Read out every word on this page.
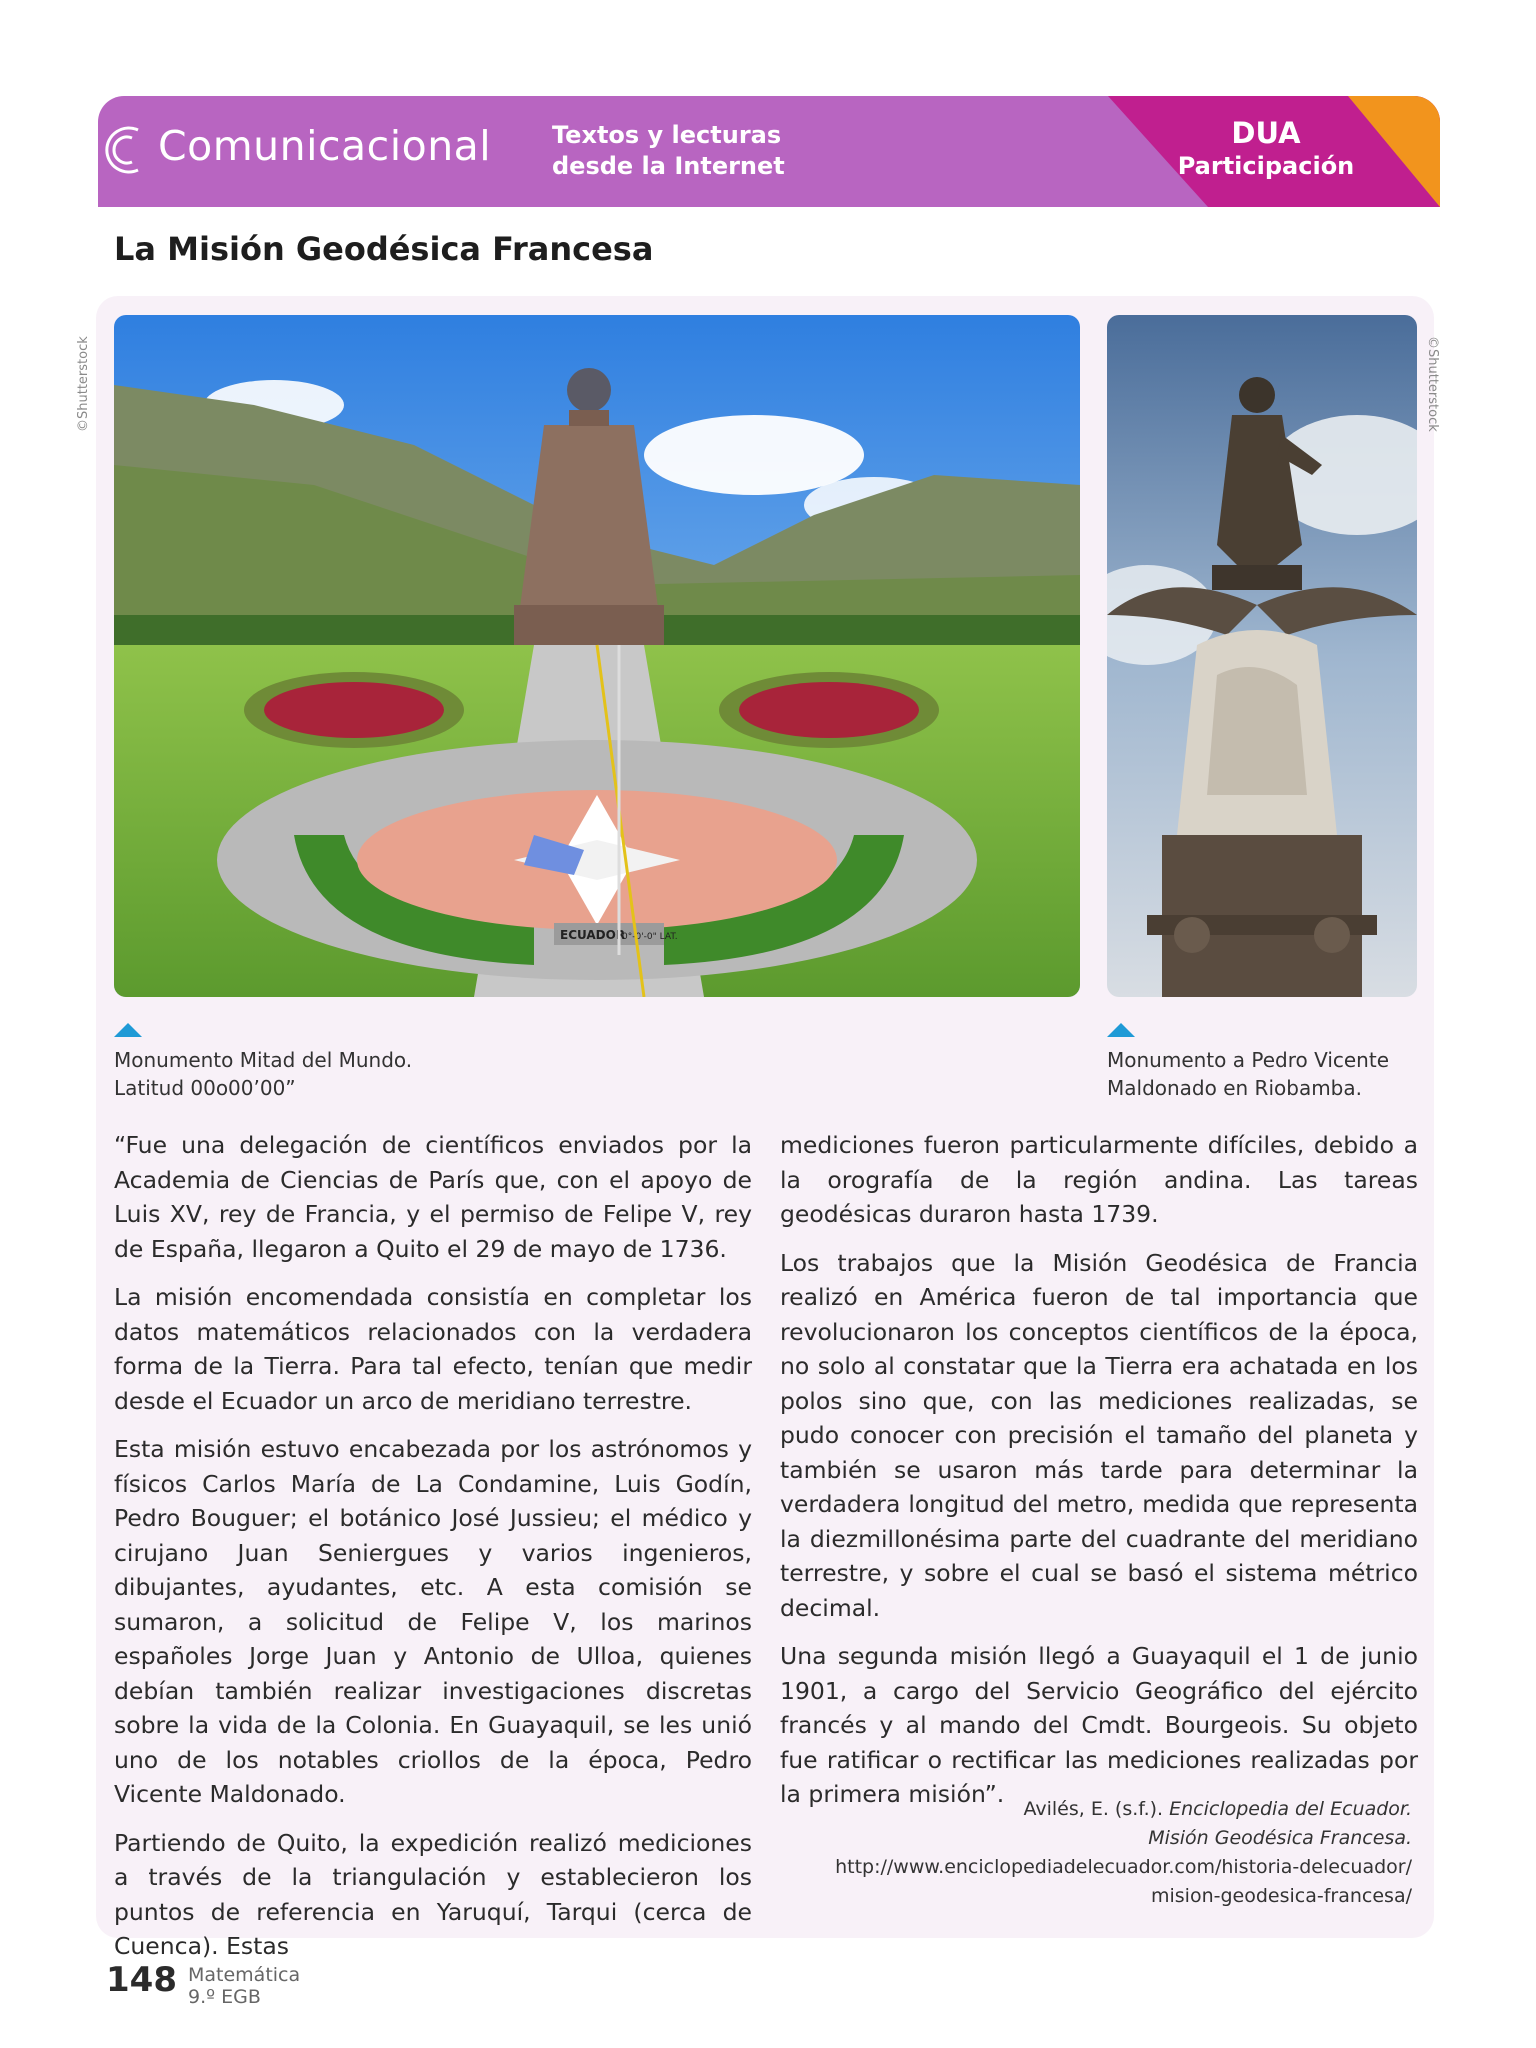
Comunicacional	Textos y lecturas
desde la Internet
DUA
Participación
La Misión Geodésica Francesa
©Shutterstock	©Shutterstock
ECUADOR
0°-0'-0" LAT.
Monumento Mitad del Mundo.
Latitud 00o00’00”
Monumento a Pedro Vicente
Maldonado en Riobamba.

“Fue una delegación de científicos enviados por la Academia de Ciencias de París que, con el apoyo de Luis XV, rey de Francia, y el permiso de Felipe V, rey de España, llegaron a Quito el 29 de mayo de 1736.

La misión encomendada consistía en completar los datos matemáticos relacionados con la verdadera forma de la Tierra. Para tal efecto, tenían que medir desde el Ecuador un arco de meridiano terrestre.

Esta misión estuvo encabezada por los astrónomos y físicos Carlos María de La Condamine, Luis Godín, Pedro Bouguer; el botánico José Jussieu; el médico y cirujano Juan Seniergues y varios ingenieros, dibujantes, ayudantes, etc. A esta comisión se sumaron, a solicitud de Felipe V, los marinos españoles Jorge Juan y Antonio de Ulloa, quienes debían también realizar investigaciones discretas sobre la vida de la Colonia. En Guayaquil, se les unió uno de los notables criollos de la época, Pedro Vicente Maldonado.

Partiendo de Quito, la expedición realizó mediciones a través de la triangulación y establecieron los puntos de referencia en Yaruquí, Tarqui (cerca de Cuenca). Estas

mediciones fueron particularmente difíciles, debido a la orografía de la región andina. Las tareas geodésicas duraron hasta 1739.

Los trabajos que la Misión Geodésica de Francia realizó en América fueron de tal importancia que revolucionaron los conceptos científicos de la época, no solo al constatar que la Tierra era achatada en los polos sino que, con las mediciones realizadas, se pudo conocer con precisión el tamaño del planeta y también se usaron más tarde para determinar la verdadera longitud del metro, medida que representa la diezmillonésima parte del cuadrante del meridiano terrestre, y sobre el cual se basó el sistema métrico decimal.

Una segunda misión llegó a Guayaquil el 1 de junio 1901, a cargo del Servicio Geográfico del ejército francés y al mando del Cmdt. Bourgeois. Su objeto fue ratificar o rectificar las mediciones realizadas por la primera misión”.

Avilés, E. (s.f.). Enciclopedia del Ecuador.
Misión Geodésica Francesa.
http://www.enciclopediadelecuador.com/historia-delecuador/
mision-geodesica-francesa/
148 Matemática
9.º EGB
